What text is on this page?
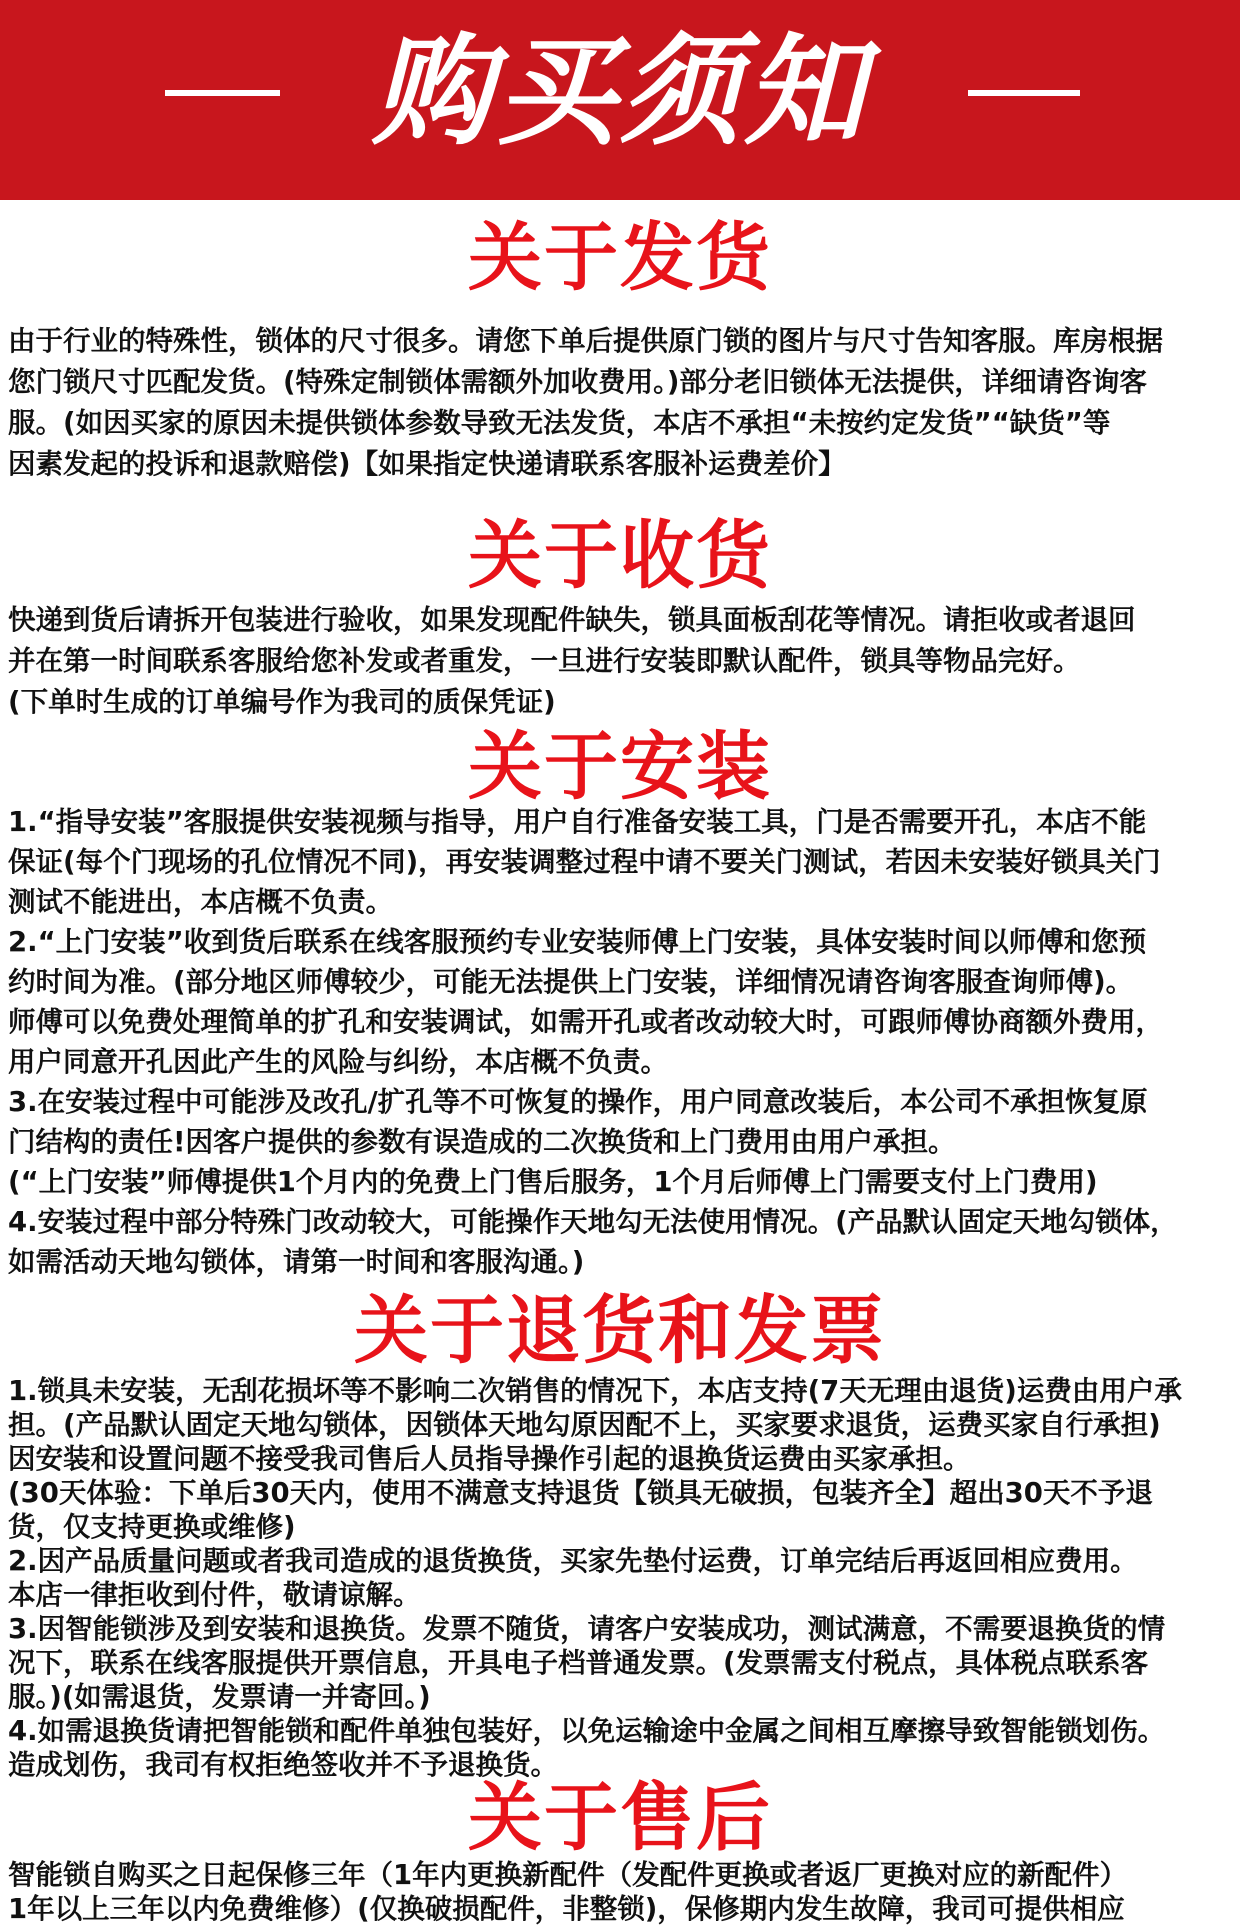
购买须知
关于发货
由于行业的特殊性，锁体的尺寸很多。请您下单后提供原门锁的图片与尺寸告知客服。库房根据
您门锁尺寸匹配发货。(特殊定制锁体需额外加收费用。)部分老旧锁体无法提供，详细请咨询客
服。(如因买家的原因未提供锁体参数导致无法发货，本店不承担“未按约定发货”“缺货”等
因素发起的投诉和退款赔偿)【如果指定快递请联系客服补运费差价】
关于收货
快递到货后请拆开包装进行验收，如果发现配件缺失，锁具面板刮花等情况。请拒收或者退回
并在第一时间联系客服给您补发或者重发，一旦进行安装即默认配件，锁具等物品完好。
(下单时生成的订单编号作为我司的质保凭证)
关于安装
1.“指导安装”客服提供安装视频与指导，用户自行准备安装工具，门是否需要开孔，本店不能
保证(每个门现场的孔位情况不同)，再安装调整过程中请不要关门测试，若因未安装好锁具关门
测试不能进出，本店概不负责。
2.“上门安装”收到货后联系在线客服预约专业安装师傅上门安装，具体安装时间以师傅和您预
约时间为准。(部分地区师傅较少，可能无法提供上门安装，详细情况请咨询客服查询师傅)。
师傅可以免费处理简单的扩孔和安装调试，如需开孔或者改动较大时，可跟师傅协商额外费用，
用户同意开孔因此产生的风险与纠纷，本店概不负责。
3.在安装过程中可能涉及改孔/扩孔等不可恢复的操作，用户同意改装后，本公司不承担恢复原
门结构的责任!因客户提供的参数有误造成的二次换货和上门费用由用户承担。
(“上门安装”师傅提供1个月内的免费上门售后服务，1个月后师傅上门需要支付上门费用)
4.安装过程中部分特殊门改动较大，可能操作天地勾无法使用情况。(产品默认固定天地勾锁体，
如需活动天地勾锁体，请第一时间和客服沟通。)
关于退货和发票
1.锁具未安装，无刮花损坏等不影响二次销售的情况下，本店支持(7天无理由退货)运费由用户承
担。(产品默认固定天地勾锁体，因锁体天地勾原因配不上，买家要求退货，运费买家自行承担)
因安装和设置问题不接受我司售后人员指导操作引起的退换货运费由买家承担。
(30天体验：下单后30天内，使用不满意支持退货【锁具无破损，包装齐全】超出30天不予退
货，仅支持更换或维修)
2.因产品质量问题或者我司造成的退货换货，买家先垫付运费，订单完结后再返回相应费用。
本店一律拒收到付件，敬请谅解。
3.因智能锁涉及到安装和退换货。发票不随货，请客户安装成功，测试满意，不需要退换货的情
况下，联系在线客服提供开票信息，开具电子档普通发票。(发票需支付税点，具体税点联系客
服。)(如需退货，发票请一并寄回。)
4.如需退换货请把智能锁和配件单独包装好，以免运输途中金属之间相互摩擦导致智能锁划伤。
造成划伤，我司有权拒绝签收并不予退换货。
关于售后
智能锁自购买之日起保修三年（1年内更换新配件（发配件更换或者返厂更换对应的新配件）
1年以上三年以内免费维修）(仅换破损配件，非整锁)，保修期内发生故障，我司可提供相应
